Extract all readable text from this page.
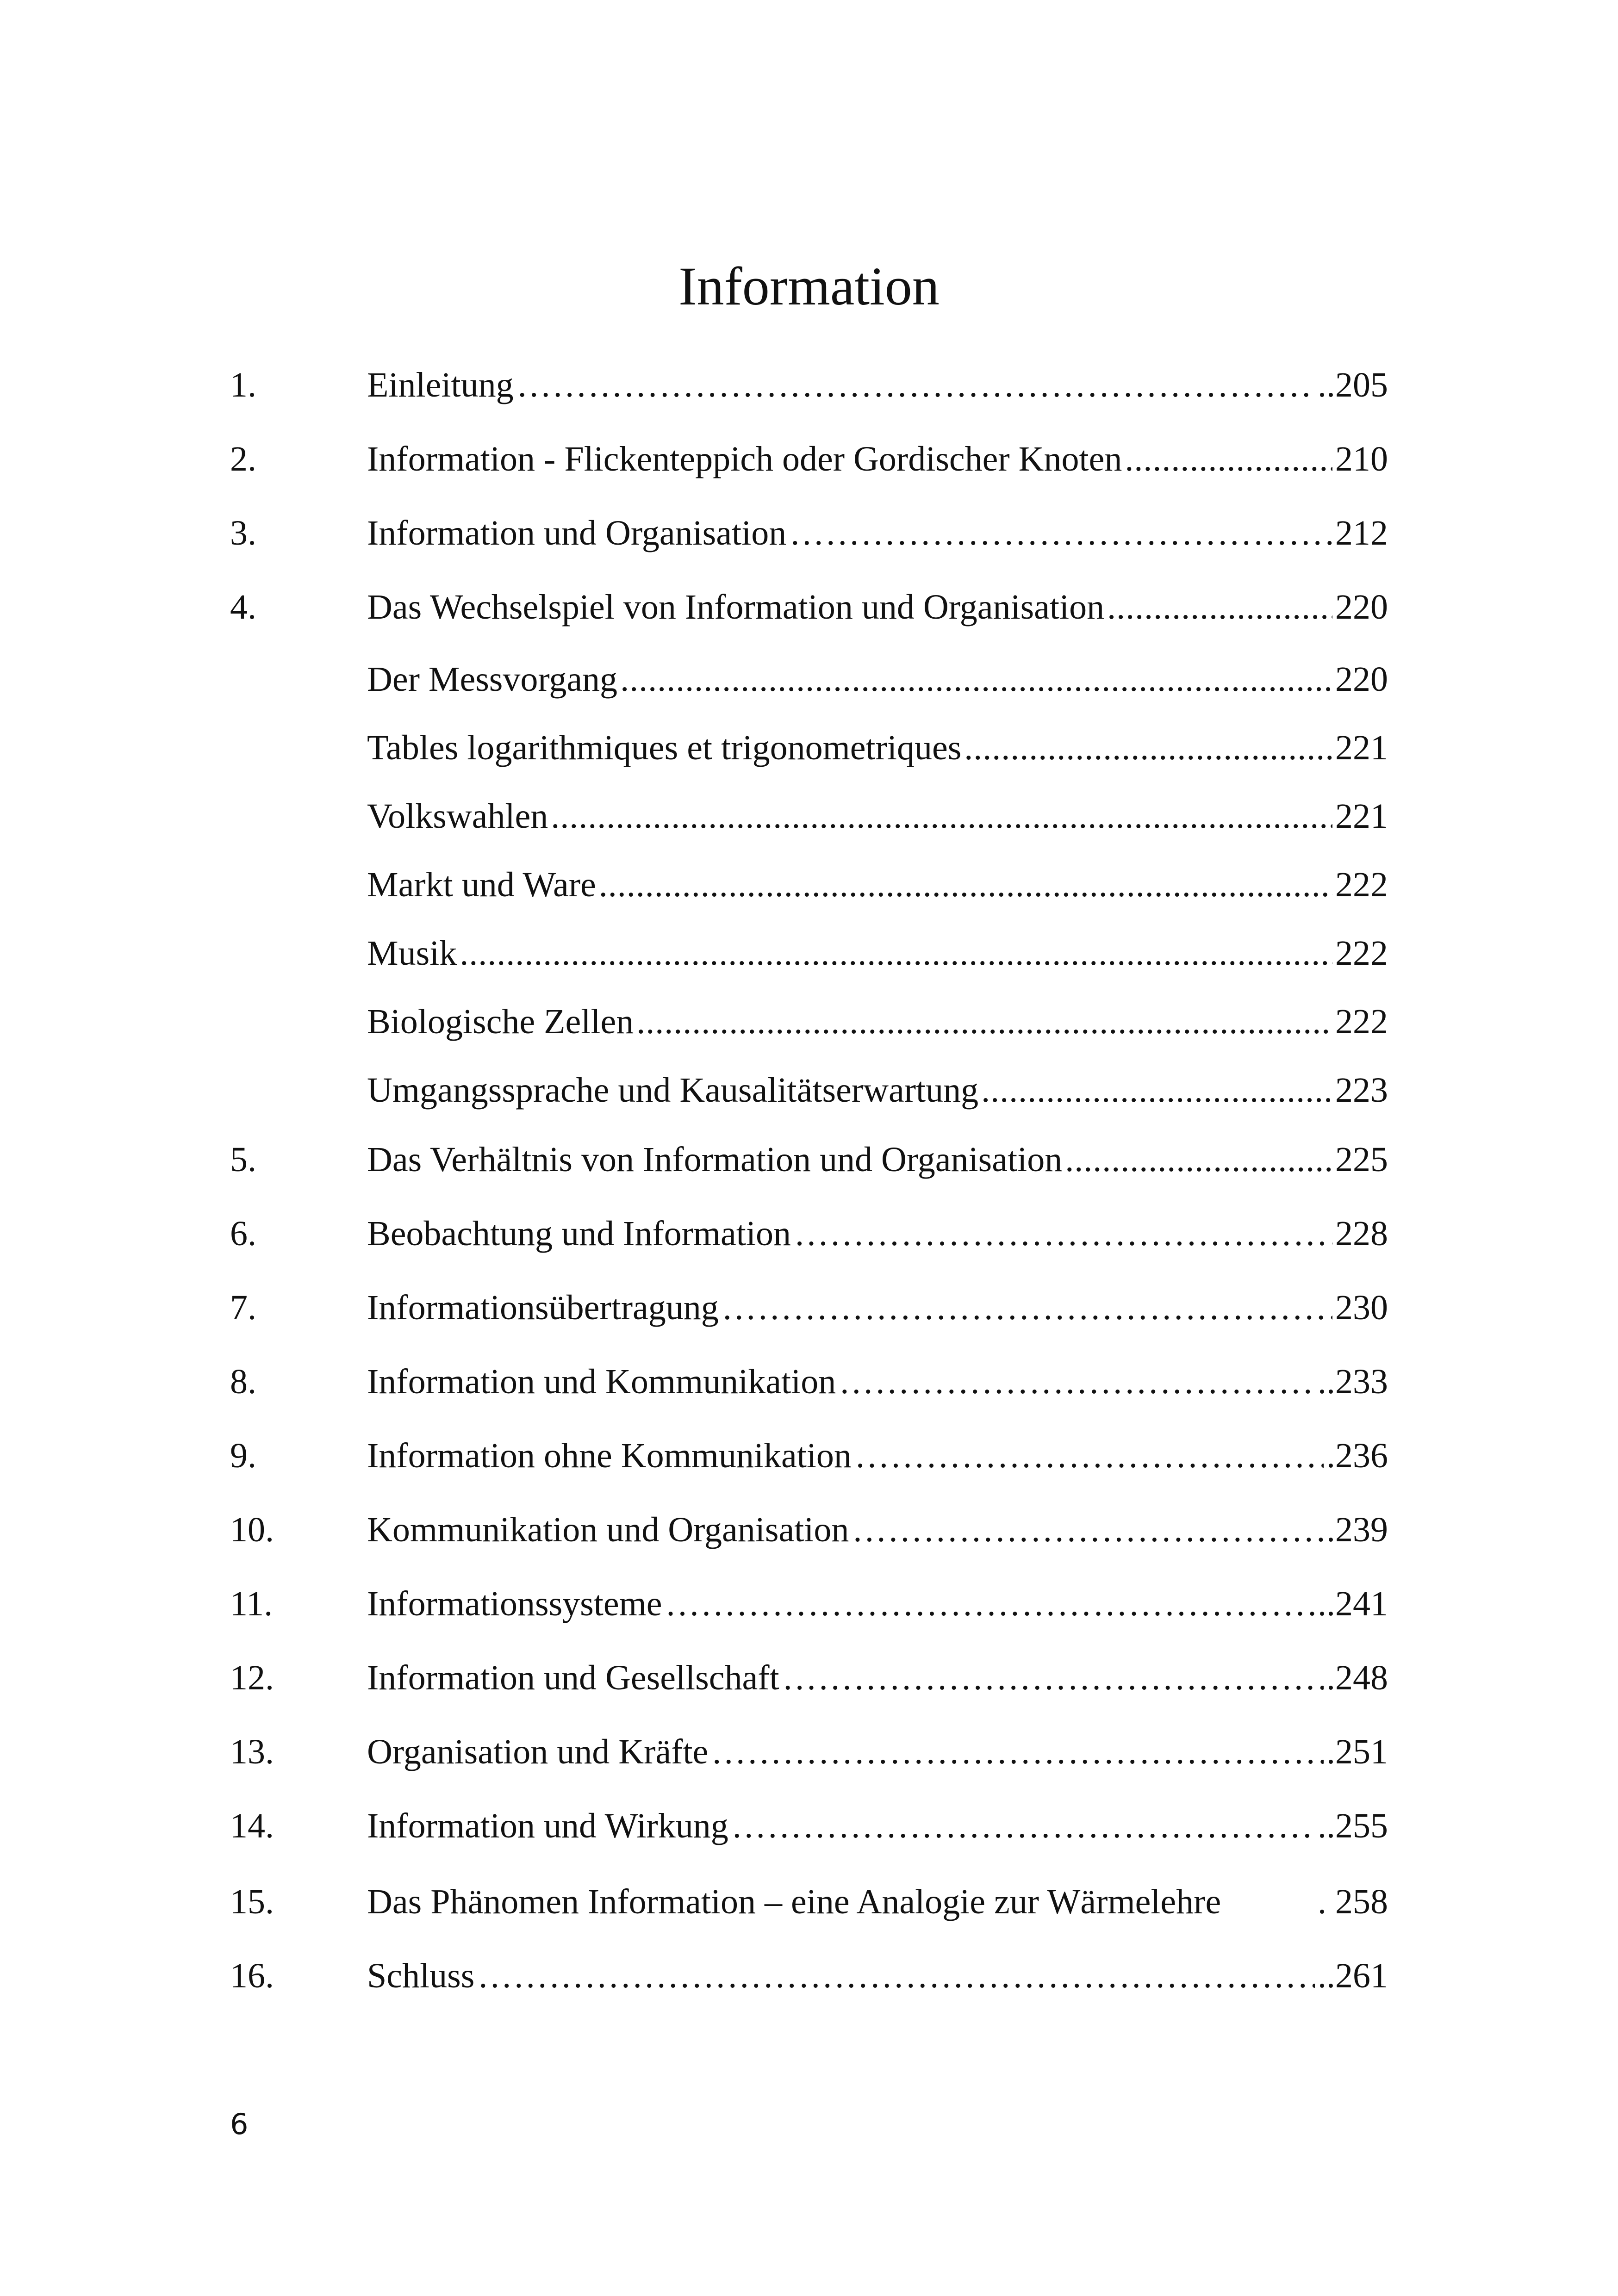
Information
1.	Einleitung ……………………………………………………………………………………………………………………………………………………………………………………………………………	..205
2.	Information - Flickenteppich oder Gordischer Knoten .....	210
3.	Information und Organisation ……………………………………………………………………………………………………………………………………………………………………………………………………………	212
4.	Das Wechselspiel von Information und Organisation .....	220
Der Messvorgang .....	220
Tables logarithmiques et trigonometriques .....	221
Volkswahlen .....	221
Markt und Ware .....	222
Musik .....	222
Biologische Zellen .....	222
Umgangssprache und Kausalitätserwartung .....	223
5.	Das Verhältnis von Information und Organisation .....	225
6.	Beobachtung und Information ……………………………………………………………………………………………………………………………………………………………………………………………………………	228
7.	Informationsübertragung ……………………………………………………………………………………………………………………………………………………………………………………………………………	230
8.	Information und Kommunikation ……………………………………………………………………………………………………………………………………………………………………………………………………………	..233
9.	Information ohne Kommunikation ……………………………………………………………………………………………………………………………………………………………………………………………………………	.236
10.	Kommunikation und Organisation ……………………………………………………………………………………………………………………………………………………………………………………………………………	.239
11.	Informationssysteme ……………………………………………………………………………………………………………………………………………………………………………………………………………	..241
12.	Information und Gesellschaft ……………………………………………………………………………………………………………………………………………………………………………………………………………	.248
13.	Organisation und Kräfte ……………………………………………………………………………………………………………………………………………………………………………………………………………	.251
14.	Information und Wirkung ……………………………………………………………………………………………………………………………………………………………………………………………………………	..255
15.	Das Phänomen Information – eine Analogie zur Wärmelehre	. 258
16.	Schluss ……………………………………………………………………………………………………………………………………………………………………………………………………………	..261
6
